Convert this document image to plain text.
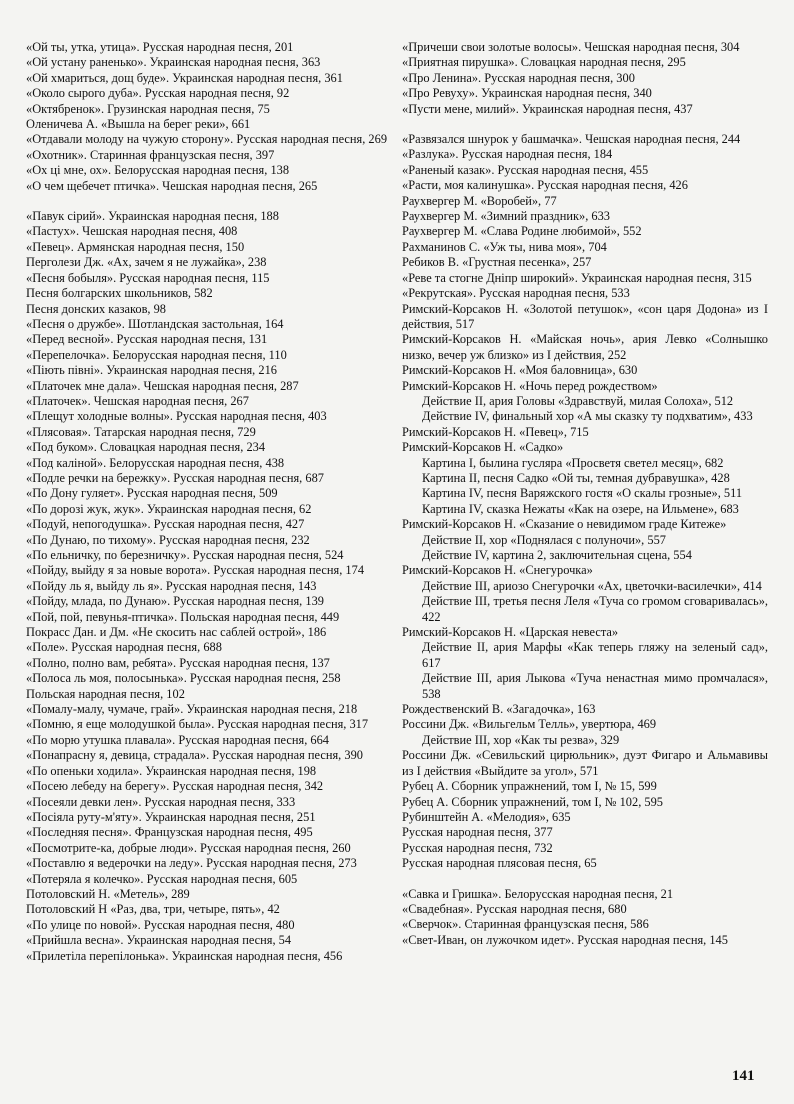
«Ой ты, утка, утица». Русская народная песня, 201

«Ой устану раненько». Украинская народная песня, 363

«Ой хмариться, дощ буде». Украинская народная песня, 361

«Около сырого дуба». Русская народная песня, 92

«Октябренок». Грузинская народная песня, 75

Оленичева А. «Вышла на берег реки», 661

«Отдавали молоду на чужую сторону». Русская народная песня, 269

«Охотник». Старинная французская песня, 397

«Ох ці мне, ох». Белорусская народная песня, 138

«О чем щебечет птичка». Чешская народная песня, 265

«Павук сірий». Украинская народная песня, 188

«Пастух». Чешская народная песня, 408

«Певец». Армянская народная песня, 150

Перголези Дж. «Ах, зачем я не лужайка», 238

«Песня бобыля». Русская народная песня, 115

Песня болгарских школьников, 582

Песня донских казаков, 98

«Песня о дружбе». Шотландская застольная, 164

«Перед весной». Русская народная песня, 131

«Перепелочка». Белорусская народная песня, 110

«Піють півні». Украинская народная песня, 216

«Платочек мне дала». Чешская народная песня, 287

«Платочек». Чешская народная песня, 267

«Плещут холодные волны». Русская народная песня, 403

«Плясовая». Татарская народная песня, 729

«Под буком». Словацкая народная песня, 234

«Под каліной». Белорусская народная песня, 438

«Подле речки на бережку». Русская народная песня, 687

«По Дону гуляет». Русская народная песня, 509

«По дорозі жук, жук». Украинская народная песня, 62

«Подуй, непогодушка». Русская народная песня, 427

«По Дунаю, по тихому». Русская народная песня, 232

«По ельничку, по березничку». Русская народная песня, 524

«Пойду, выйду я за новые ворота». Русская народная песня, 174

«Пойду ль я, выйду ль я». Русская народная песня, 143

«Пойду, млада, по Дунаю». Русская народная песня, 139

«Пой, пой, певунья-птичка». Польская народная песня, 449

Покрасс Дан. и Дм. «Не скосить нас саблей острой», 186

«Поле». Русская народная песня, 688

«Полно, полно вам, ребята». Русская народная песня, 137

«Полоса ль моя, полосынька». Русская народная песня, 258

Польская народная песня, 102

«Помалу-малу, чумаче, грай». Украинская народная песня, 218

«Помню, я еще молодушкой была». Русская народная песня, 317

«По морю утушка плавала». Русская народная песня, 664

«Понапрасну я, девица, страдала». Русская народная песня, 390

«По опеньки ходила». Украинская народная песня, 198

«Посею лебеду на берегу». Русская народная песня, 342

«Посеяли девки лен». Русская народная песня, 333

«Посіяла руту-м'яту». Украинская народная песня, 251

«Последняя песня». Французская народная песня, 495

«Посмотрите-ка, добрые люди». Русская народная песня, 260

«Поставлю я ведерочки на леду». Русская народная песня, 273

«Потеряла я колечко». Русская народная песня, 605

Потоловский Н. «Метель», 289

Потоловский Н «Раз, два, три, четыре, пять», 42

«По улице по новой». Русская народная песня, 480

«Прийшла весна». Украинская народная песня, 54

«Прилетіла перепілонька». Украинская народная песня, 456

«Причеши свои золотые волосы». Чешская народная песня, 304

«Приятная пирушка». Словацкая народная песня, 295

«Про Ленина». Русская народная песня, 300

«Про Ревуху». Украинская народная песня, 340

«Пусти мене, милий». Украинская народная песня, 437

«Развязался шнурок у башмачка». Чешская народная песня, 244

«Разлука». Русская народная песня, 184

«Раненый казак». Русская народная песня, 455

«Расти, моя калинушка». Русская народная песня, 426

Раухвергер М. «Воробей», 77

Раухвергер М. «Зимний праздник», 633

Раухвергер М. «Слава Родине любимой», 552

Рахманинов С. «Уж ты, нива моя», 704

Ребиков В. «Грустная песенка», 257

«Реве та стогне Дніпр широкий». Украинская народная песня, 315

«Рекрутская». Русская народная песня, 533

Римский-Корсаков Н. «Золотой петушок», «сон царя Додона» из I действия, 517

Римский-Корсаков Н. «Майская ночь», ария Левко «Солнышко низко, вечер уж близко» из I действия, 252

Римский-Корсаков Н. «Моя баловница», 630

Римский-Корсаков Н. «Ночь перед рождеством»

Действие II, ария Головы «Здравствуй, милая Солоха», 512

Действие IV, финальный хор «А мы сказку ту подхватим», 433

Римский-Корсаков Н. «Певец», 715

Римский-Корсаков Н. «Садко»

Картина I, былина гусляра «Просветя светел месяц», 682

Картина II, песня Садко «Ой ты, темная дубравушка», 428

Картина IV, песня Варяжского гостя «О скалы грозные», 511

Картина IV, сказка Нежаты «Как на озере, на Ильмене», 683

Римский-Корсаков Н. «Сказание о невидимом граде Китеже»

Действие II, хор «Поднялася с полуночи», 557

Действие IV, картина 2, заключительная сцена, 554

Римский-Корсаков Н. «Снегурочка»

Действие III, ариозо Снегурочки «Ах, цветочки-василечки», 414

Действие III, третья песня Леля «Туча со громом сговаривалась», 422

Римский-Корсаков Н. «Царская невеста»

Действие II, ария Марфы «Как теперь гляжу на зеленый сад», 617

Действие III, ария Лыкова «Туча ненастная мимо промчалася», 538

Рождественский В. «Загадочка», 163

Россини Дж. «Вильгельм Телль», увертюра, 469

Действие III, хор «Как ты резва», 329

Россини Дж. «Севильский цирюльник», дуэт Фигаро и Альмавивы из I действия «Выйдите за угол», 571

Рубец А. Сборник упражнений, том I, № 15, 599

Рубец А. Сборник упражнений, том I, № 102, 595

Рубинштейн А. «Мелодия», 635

Русская народная песня, 377

Русская народная песня, 732

Русская народная плясовая песня, 65

«Савка и Гришка». Белорусская народная песня, 21

«Свадебная». Русская народная песня, 680

«Сверчок». Старинная французская песня, 586

«Свет-Иван, он лужочком идет». Русская народная песня, 145

141
